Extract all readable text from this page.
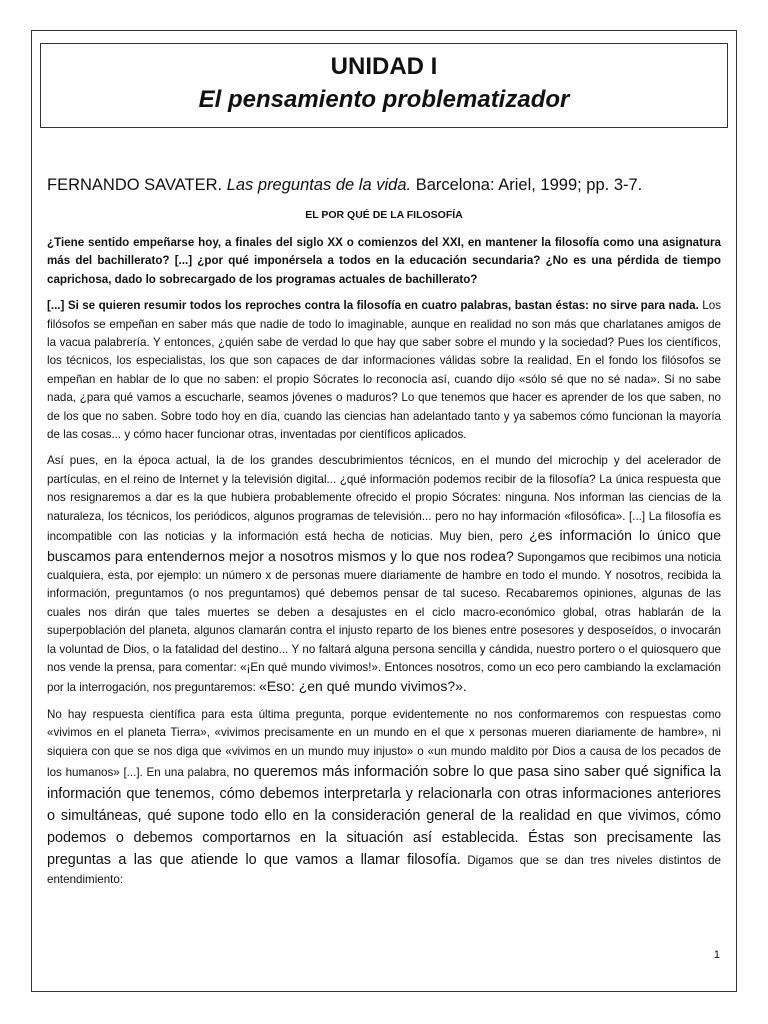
UNIDAD I
El pensamiento problematizador
FERNANDO SAVATER. Las preguntas de la vida. Barcelona: Ariel, 1999; pp. 3-7.
EL POR QUÉ DE LA FILOSOFÍA

¿Tiene sentido empeñarse hoy, a finales del siglo XX o comienzos del XXI, en mantener la filosofía como una asignatura más del bachillerato? [...] ¿por qué imponérsela a todos en la educación secundaria? ¿No es una pérdida de tiempo caprichosa, dado lo sobrecargado de los programas actuales de bachillerato?

[...] Si se quieren resumir todos los reproches contra la filosofía en cuatro palabras, bastan éstas: no sirve para nada. Los filósofos se empeñan en saber más que nadie de todo lo imaginable, aunque en realidad no son más que charlatanes amigos de la vacua palabrería. Y entonces, ¿quién sabe de verdad lo que hay que saber sobre el mundo y la sociedad? Pues los científicos, los técnicos, los especialistas, los que son capaces de dar informaciones válidas sobre la realidad. En el fondo los filósofos se empeñan en hablar de lo que no saben: el propio Sócrates lo reconocía así, cuando dijo «sólo sé que no sé nada». Si no sabe nada, ¿para qué vamos a escucharle, seamos jóvenes o maduros? Lo que tenemos que hacer es aprender de los que saben, no de los que no saben. Sobre todo hoy en día, cuando las ciencias han adelantado tanto y ya sabemos cómo funcionan la mayoría de las cosas... y cómo hacer funcionar otras, inventadas por científicos aplicados.

Así pues, en la época actual, la de los grandes descubrimientos técnicos, en el mundo del microchip y del acelerador de partículas, en el reino de Internet y la televisión digital... ¿qué información podemos recibir de la filosofía? La única respuesta que nos resignaremos a dar es la que hubiera probablemente ofrecido el propio Sócrates: ninguna. Nos informan las ciencias de la naturaleza, los técnicos, los periódicos, algunos programas de televisión... pero no hay información «filosófica». [...] La filosofía es incompatible con las noticias y la información está hecha de noticias. Muy bien, pero ¿es información lo único que buscamos para entendernos mejor a nosotros mismos y lo que nos rodea? Supongamos que recibimos una noticia cualquiera, esta, por ejemplo: un número x de personas muere diariamente de hambre en todo el mundo. Y nosotros, recibida la información, preguntamos (o nos preguntamos) qué debemos pensar de tal suceso. Recabaremos opiniones, algunas de las cuales nos dirán que tales muertes se deben a desajustes en el ciclo macro-económico global, otras hablarán de la superpoblación del planeta, algunos clamarán contra el injusto reparto de los bienes entre posesores y desposeídos, o invocarán la voluntad de Dios, o la fatalidad del destino... Y no faltará alguna persona sencilla y cándida, nuestro portero o el quiosquero que nos vende la prensa, para comentar: «¡En qué mundo vivimos!». Entonces nosotros, como un eco pero cambiando la exclamación por la interrogación, nos preguntaremos: «Eso: ¿en qué mundo vivimos?».

No hay respuesta científica para esta última pregunta, porque evidentemente no nos conformaremos con respuestas como «vivimos en el planeta Tierra», «vivimos precisamente en un mundo en el que x personas mueren diariamente de hambre», ni siquiera con que se nos diga que «vivimos en un mundo muy injusto» o «un mundo maldito por Dios a causa de los pecados de los humanos» [...]. En una palabra, no queremos más información sobre lo que pasa sino saber qué significa la información que tenemos, cómo debemos interpretarla y relacionarla con otras informaciones anteriores o simultáneas, qué supone todo ello en la consideración general de la realidad en que vivimos, cómo podemos o debemos comportarnos en la situación así establecida. Éstas son precisamente las preguntas a las que atiende lo que vamos a llamar filosofía. Digamos que se dan tres niveles distintos de entendimiento:

1
